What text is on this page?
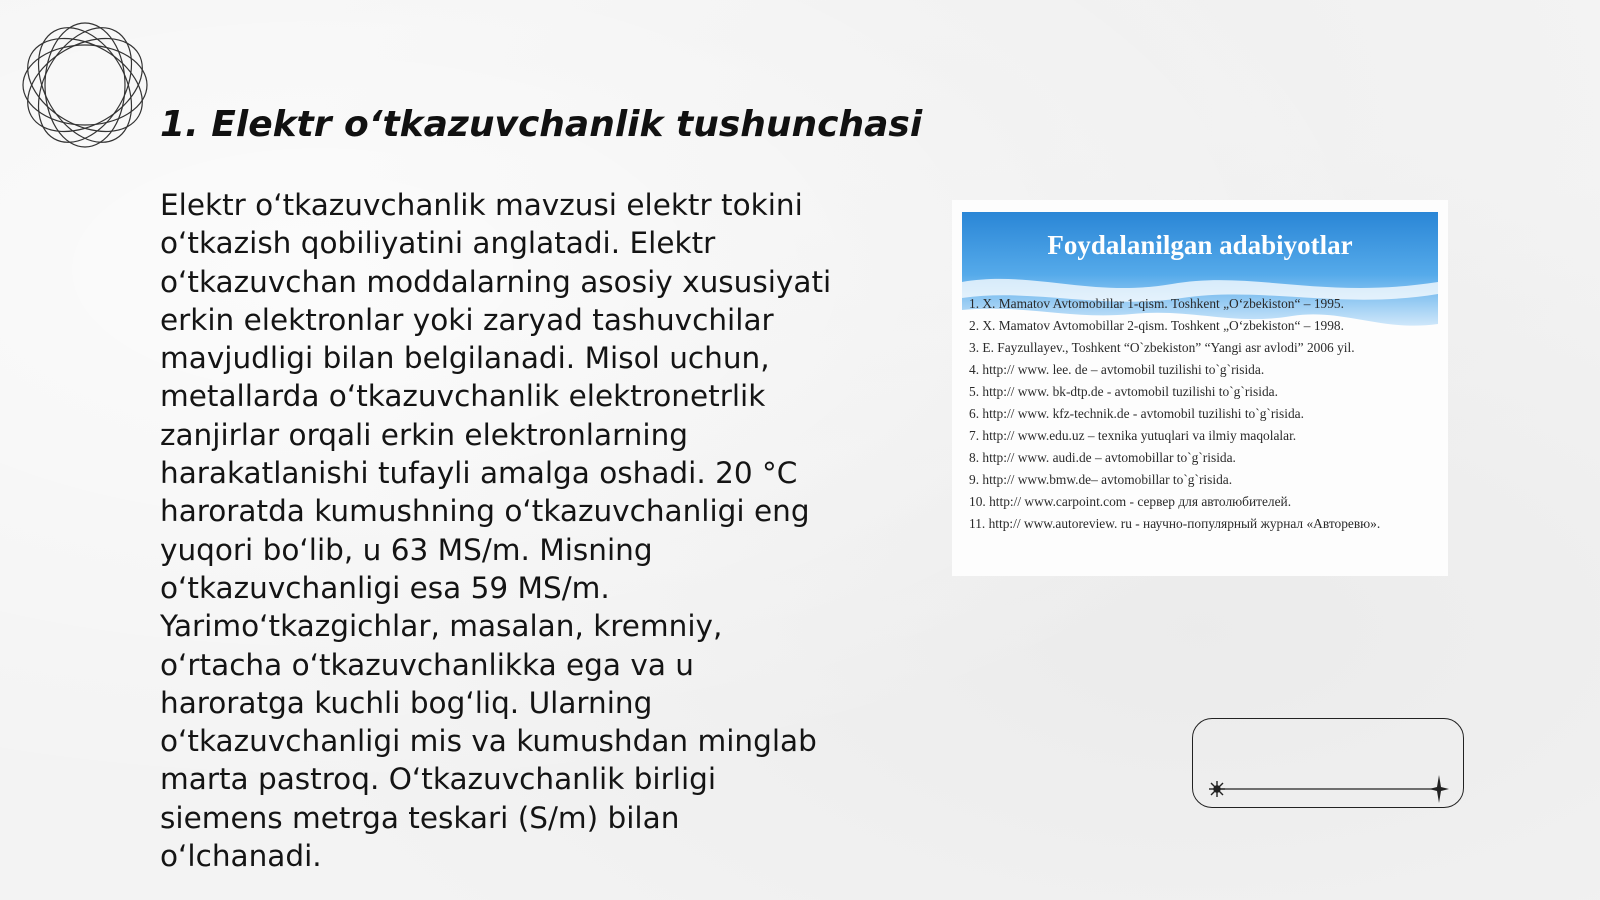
1. Elektr o‘tkazuvchanlik tushunchasi

Elektr o‘tkazuvchanlik mavzusi elektr tokini o‘tkazish qobiliyatini anglatadi. Elektr o‘tkazuvchan moddalarning asosiy xususiyati erkin elektronlar yoki zaryad tashuvchilar mavjudligi bilan belgilanadi. Misol uchun, metallarda o‘tkazuvchanlik elektronetrlik zanjirlar orqali erkin elektronlarning harakatlanishi tufayli amalga oshadi. 20 °C haroratda kumushning o‘tkazuvchanligi eng yuqori bo‘lib, u 63 MS/m. Misning o‘tkazuvchanligi esa 59 MS/m. Yarimo‘tkazgichlar, masalan, kremniy, o‘rtacha o‘tkazuvchanlikka ega va u haroratga kuchli bog‘liq. Ularning o‘tkazuvchanligi mis va kumushdan minglab marta pastroq. O‘tkazuvchanlik birligi siemens metrga teskari (S/m) bilan o‘lchanadi.

Foydalanilgan adabiyotlar
1. X. Mamatov Avtomobillar 1-qism. Toshkent „O‘zbekiston“ – 1995.
2. X. Mamatov Avtomobillar 2-qism. Toshkent „O‘zbekiston“ – 1998.
3. E. Fayzullayev., Toshkent “O`zbekiston” “Yangi asr avlodi” 2006 yil.
4. http:// www. lee. de – avtomobil tuzilishi to`g`risida.
5. http:// www. bk-dtp.de - avtomobil tuzilishi to`g`risida.
6. http:// www. kfz-technik.de - avtomobil tuzilishi to`g`risida.
7. http:// www.edu.uz – texnika yutuqlari va ilmiy maqolalar.
8. http:// www. audi.de – avtomobillar to`g`risida.
9. http:// www.bmw.de– avtomobillar to`g`risida.
10. http:// www.carpoint.com - сервер для автолюбителей.
11. http:// www.autoreview. ru - научно-популярный журнал «Авторевю».
